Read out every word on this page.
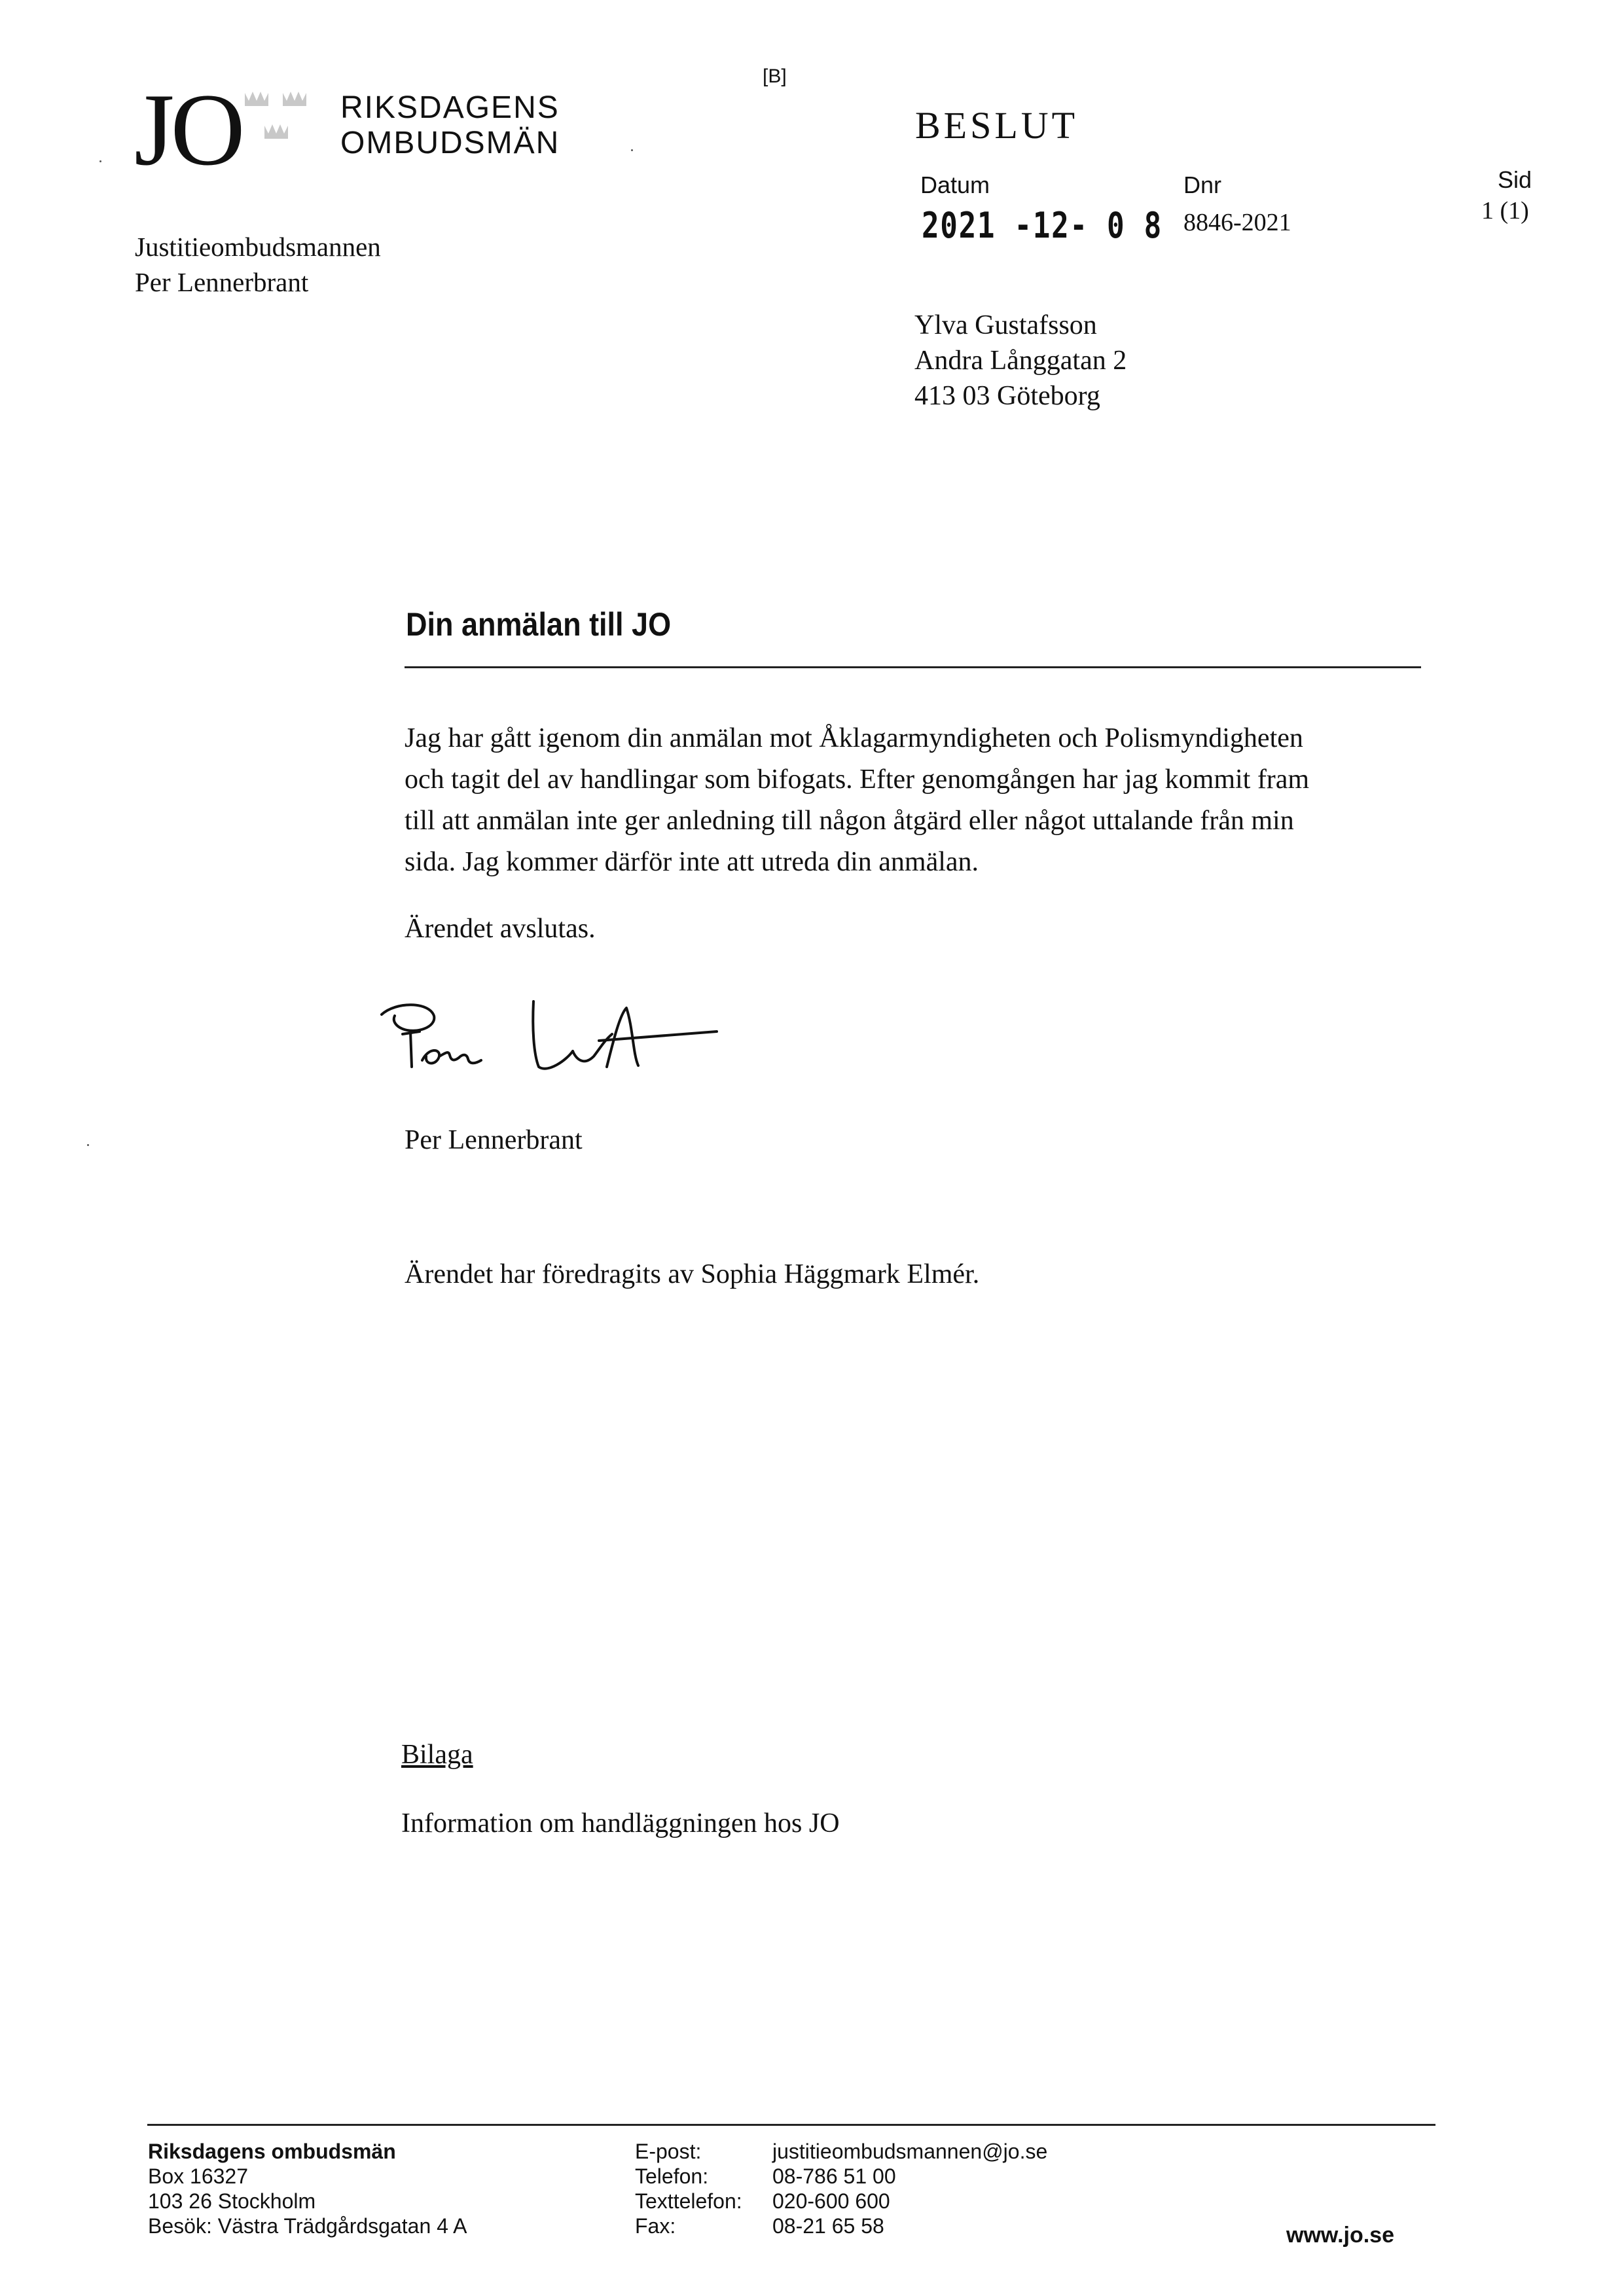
JO	RIKSDAGENS
OMBUDSMÄN
[B]
BESLUT
Datum
2021 -12- 0 8
Dnr
8846-2021
Sid
1 (1)
Justitieombudsmannen
Per Lennerbrant
Ylva Gustafsson
Andra Långgatan 2
413 03 Göteborg
Din anmälan till JO
Jag har gått igenom din anmälan mot Åklagarmyndigheten och Polismyndigheten
och tagit del av handlingar som bifogats. Efter genomgången har jag kommit fram
till att anmälan inte ger anledning till någon åtgärd eller något uttalande från min
sida. Jag kommer därför inte att utreda din anmälan.
Ärendet avslutas.
Per Lennerbrant
Ärendet har föredragits av Sophia Häggmark Elmér.
Bilaga
Information om handläggningen hos JO
Riksdagens ombudsmän
Box 16327
103 26 Stockholm
Besök: Västra Trädgårdsgatan 4 A
E-post:
Telefon:
Texttelefon:
Fax:
justitieombudsmannen@jo.se
08-786 51 00
020-600 600
08-21 65 58	www.jo.se
